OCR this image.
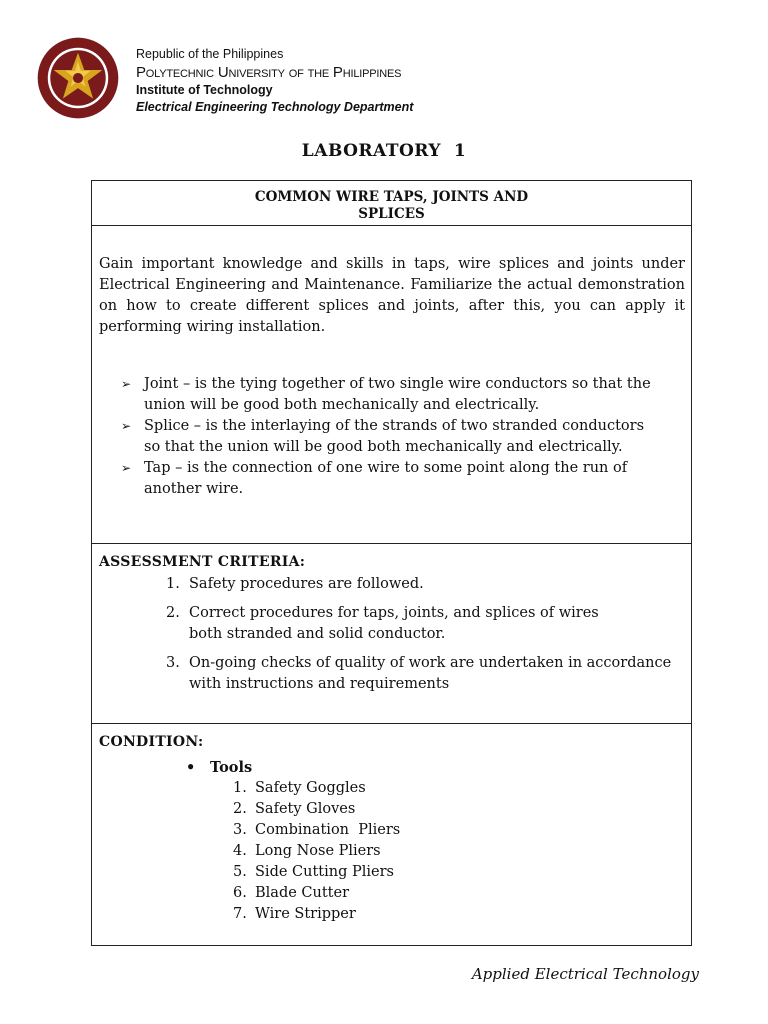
Republic of the Philippines
Polytechnic University of the Philippines
Institute of Technology
Electrical Engineering Technology Department
LABORATORY  1
COMMON WIRE TAPS, JOINTS AND
SPLICES

Gain important knowledge and skills in taps, wire splices and joints under Electrical Engineering and Maintenance. Familiarize the actual demonstration on how to create different splices and joints, after this, you can apply it performing wiring installation.

➢ Joint – is the tying together of two single wire conductors so that the union will be good both mechanically and electrically.
➢ Splice – is the interlaying of the strands of two stranded conductors so that the union will be good both mechanically and electrically.
➢ Tap – is the connection of one wire to some point along the run of another wire.
ASSESSMENT CRITERIA:
1. Safety procedures are followed.
2. Correct procedures for taps, joints, and splices of wires both stranded and solid conductor.
3. On-going checks of quality of work are undertaken in accordance with instructions and requirements
CONDITION:
• Tools
1. Safety Goggles
2. Safety Gloves
3. Combination  Pliers
4. Long Nose Pliers
5. Side Cutting Pliers
6. Blade Cutter
7. Wire Stripper
Applied Electrical Technology
